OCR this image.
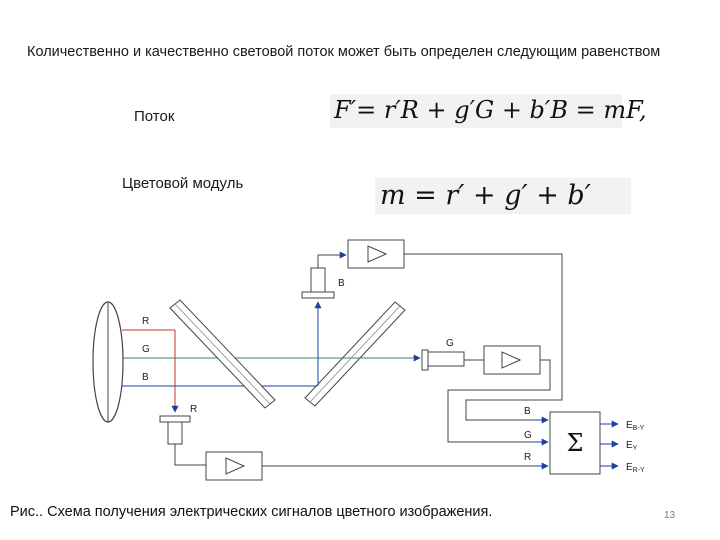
Количественно и качественно световой поток может быть определен следующим равенством
Поток	F′= r′R + g′G + b′B = mF,
Цветовой модуль	m = r′ + g′ + b′
R
G
B
R
B
G
B
G
R
Σ
$E_{B-Y}$
$E_Y$
$E_{R-Y}$
Рис.. Схема получения электрических сигналов цветного изображения.	13
